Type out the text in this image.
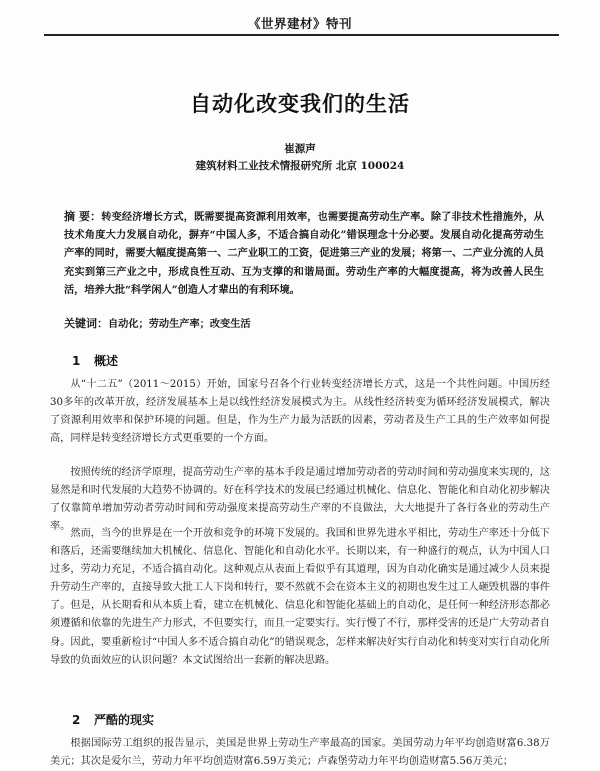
《世界建材》特刊
自动化改变我们的生活
崔源声
建筑材料工业技术情报研究所 北京 100024
摘 要：转变经济增长方式，既需要提高资源利用效率，也需要提高劳动生产率。除了非技术性措施外，从技术角度大力发展自动化，摒弃“中国人多，不适合搞自动化”错误理念十分必要。发展自动化提高劳动生产率的同时，需要大幅度提高第一、二产业职工的工资，促进第三产业的发展；将第一、二产业分流的人员充实到第三产业之中，形成良性互动、互为支撑的和谐局面。劳动生产率的大幅度提高，将为改善人民生活，培养大批“科学闲人”创造人才辈出的有利环境。
关键词：自动化；劳动生产率；改变生活
1 概述

从“十二五”（2011～2015）开始，国家号召各个行业转变经济增长方式，这是一个共性问题。中国历经30多年的改革开放，经济发展基本上是以线性经济发展模式为主。从线性经济转变为循环经济发展模式，解决了资源利用效率和保护环境的问题。但是，作为生产力最为活跃的因素，劳动者及生产工具的生产效率如何提高，同样是转变经济增长方式更重要的一个方面。

按照传统的经济学原理，提高劳动生产率的基本手段是通过增加劳动者的劳动时间和劳动强度来实现的，这显然是和时代发展的大趋势不协调的。好在科学技术的发展已经通过机械化、信息化、智能化和自动化初步解决了仅靠简单增加劳动者劳动时间和劳动强度来提高劳动生产率的不良做法，大大地提升了各行各业的劳动生产率。

然而，当今的世界是在一个开放和竞争的环境下发展的。我国和世界先进水平相比，劳动生产率还十分低下和落后，还需要继续加大机械化、信息化、智能化和自动化水平。长期以来，有一种盛行的观点，认为中国人口过多，劳动力充足，不适合搞自动化。这种观点从表面上看似乎有其道理，因为自动化确实是通过减少人员来提升劳动生产率的，直接导致大批工人下岗和转行，要不然就不会在资本主义的初期也发生过工人砸毁机器的事件了。但是，从长期看和从本质上看，建立在机械化、信息化和智能化基础上的自动化，是任何一种经济形态都必须遵循和依靠的先进生产力形式，不但要实行，而且一定要实行。实行慢了不行，那样受害的还是广大劳动者自身。因此，要重新检讨“中国人多不适合搞自动化”的错误观念，怎样来解决好实行自动化和转变对实行自动化所导致的负面效应的认识问题？本文试图给出一套新的解决思路。

2 严酷的现实

根据国际劳工组织的报告显示，美国是世界上劳动生产率最高的国家。美国劳动力年平均创造财富6.38万美元；其次是爱尔兰，劳动力年平均创造财富6.59万美元；卢森堡劳动力年平均创造财富5.56万美元；
